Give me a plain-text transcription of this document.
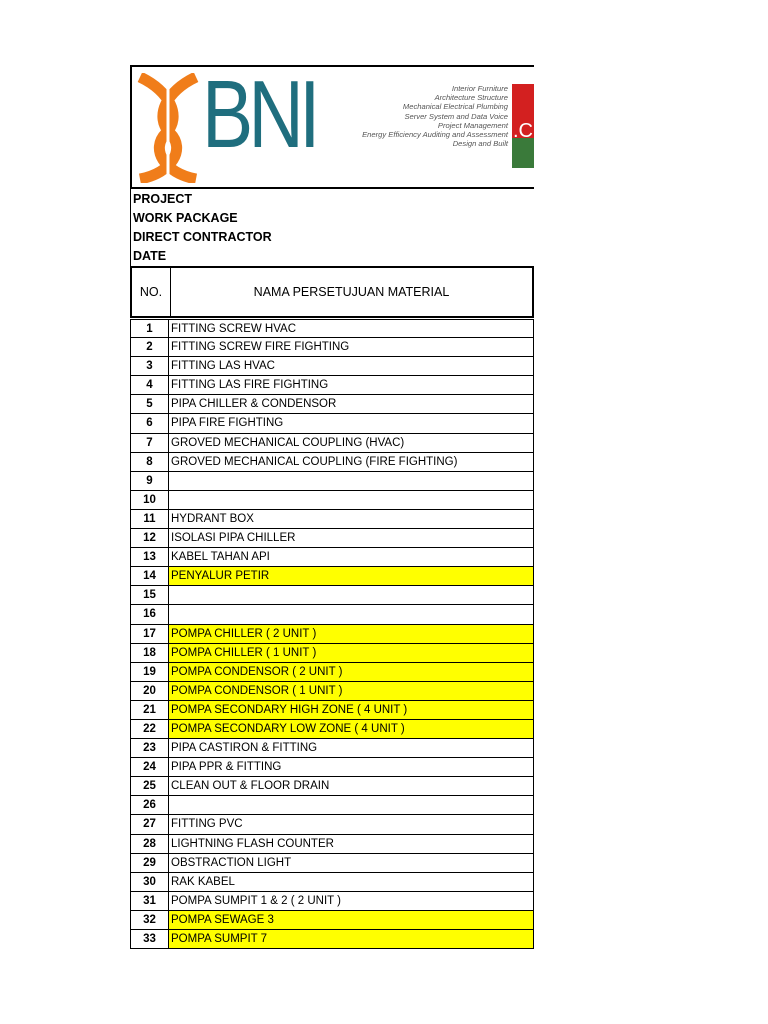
BNI	Interior Furniture
Architecture Structure
Mechanical Electrical Plumbing
Server System and Data Voice
Project Management
Energy Efficiency Auditing and Assessment
Design and Built
.C
PROJECT
WORK PACKAGE
DIRECT CONTRACTOR
DATE
NO.	NAMA PERSETUJUAN MATERIAL
1	FITTING SCREW HVAC
2	FITTING SCREW FIRE FIGHTING
3	FITTING LAS HVAC
4	FITTING LAS FIRE FIGHTING
5	PIPA CHILLER & CONDENSOR
6	PIPA FIRE FIGHTING
7	GROVED MECHANICAL COUPLING (HVAC)
8	GROVED MECHANICAL COUPLING (FIRE FIGHTING)
9
10
11	HYDRANT BOX
12	ISOLASI PIPA CHILLER
13	KABEL TAHAN API
14	PENYALUR PETIR
15
16
17	POMPA CHILLER ( 2 UNIT )
18	POMPA CHILLER ( 1 UNIT )
19	POMPA CONDENSOR ( 2 UNIT )
20	POMPA CONDENSOR ( 1 UNIT )
21	POMPA SECONDARY HIGH ZONE ( 4 UNIT )
22	POMPA SECONDARY LOW ZONE ( 4 UNIT )
23	PIPA CASTIRON & FITTING
24	PIPA PPR & FITTING
25	CLEAN OUT & FLOOR DRAIN
26
27	FITTING PVC
28	LIGHTNING FLASH COUNTER
29	OBSTRACTION LIGHT
30	RAK KABEL
31	POMPA SUMPIT 1 & 2 ( 2 UNIT )
32	POMPA SEWAGE 3
33	POMPA SUMPIT 7
